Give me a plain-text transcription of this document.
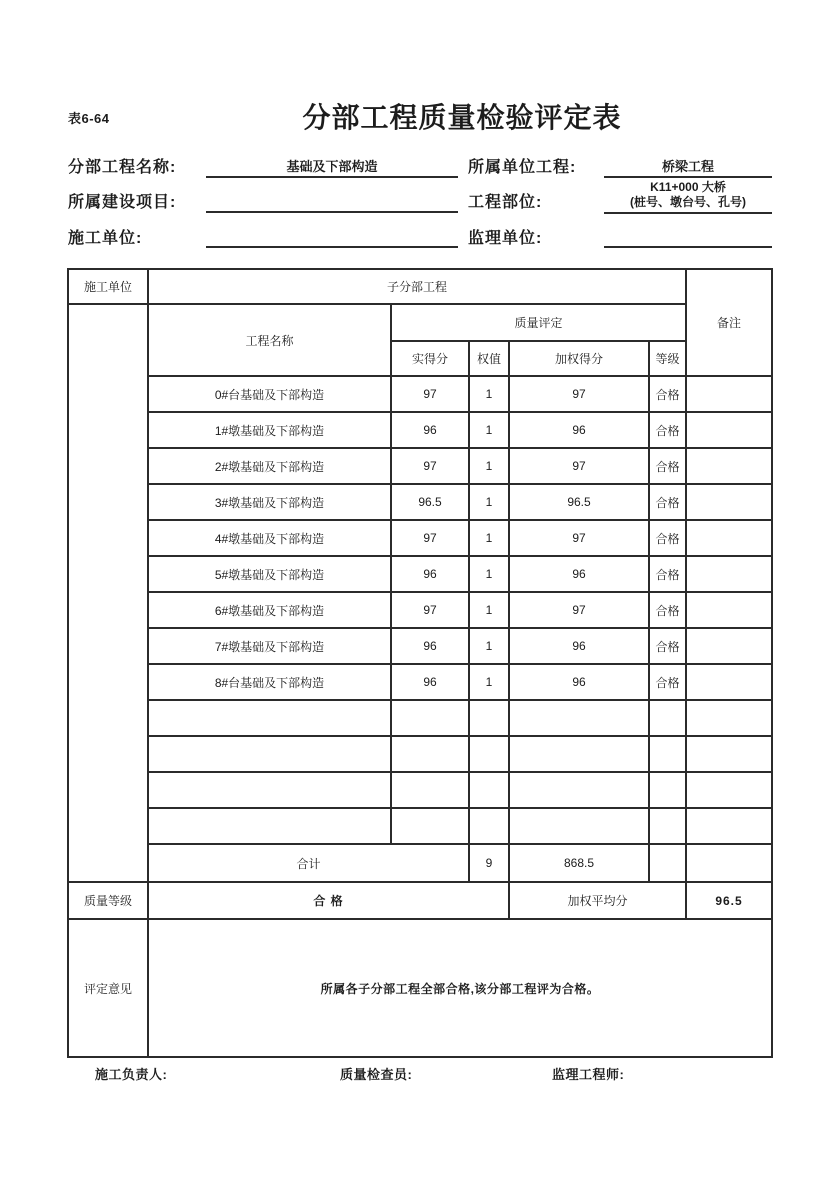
表6-64	分部工程质量检验评定表
分部工程名称:	基础及下部构造
所属建设项目:
施工单位:
所属单位工程:	桥梁工程
工程部位:
K11+000 大桥
(桩号、墩台号、孔号)
监理单位:
施工单位	子分部工程					备注
	工程名称	质量评定				
		实得分	权值	加权得分	等级	
	0#台基础及下部构造	97	1	97	合格	
	1#墩基础及下部构造	96	1	96	合格	
	2#墩基础及下部构造	97	1	97	合格	
	3#墩基础及下部构造	96.5	1	96.5	合格	
	4#墩基础及下部构造	97	1	97	合格	
	5#墩基础及下部构造	96	1	96	合格	
	6#墩基础及下部构造	97	1	97	合格	
	7#墩基础及下部构造	96	1	96	合格	
	8#台基础及下部构造	96	1	96	合格	

	合计		9	868.5		
质量等级	合 格			加权平均分		96.5
评定意见	所属各子分部工程全部合格,该分部工程评为合格。					
施工负责人:	质量检查员:	监理工程师:
